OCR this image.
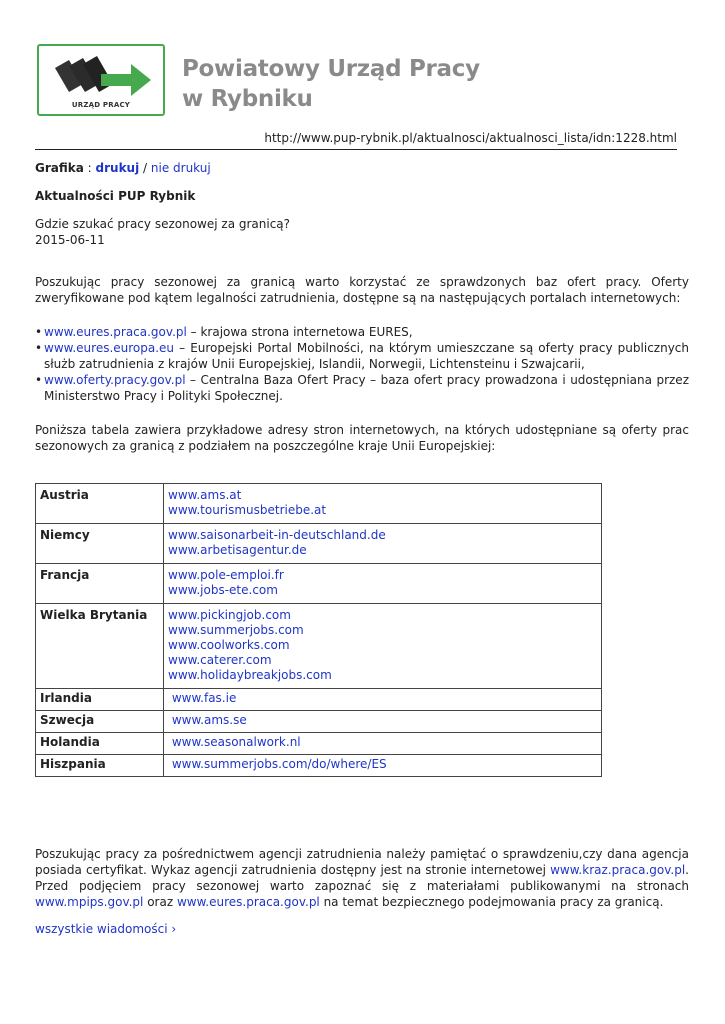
URZĄD PRACY
Powiatowy Urząd Pracy
w Rybniku
http://www.pup-rybnik.pl/aktualnosci/aktualnosci_lista/idn:1228.html
Grafika : drukuj / nie drukuj
Aktualności PUP Rybnik
Gdzie szukać pracy sezonowej za granicą?
2015-06-11

Poszukując pracy sezonowej za granicą warto korzystać ze sprawdzonych baz ofert pracy. Oferty zweryfikowane pod kątem legalności zatrudnienia, dostępne są na następujących portalach internetowych:

• www.eures.praca.gov.pl – krajowa strona internetowa EURES,
• www.eures.europa.eu – Europejski Portal Mobilności, na którym umieszczane są oferty pracy publicznych służb zatrudnienia z krajów Unii Europejskiej, Islandii, Norwegii, Lichtensteinu i Szwajcarii,
• www.oferty.pracy.gov.pl – Centralna Baza Ofert Pracy – baza ofert pracy prowadzona i udostępniana przez Ministerstwo Pracy i Polityki Społecznej.

Poniższa tabela zawiera przykładowe adresy stron internetowych, na których udostępniane są oferty prac sezonowych za granicą z podziałem na poszczególne kraje Unii Europejskiej:

Austria	www.ams.at
www.tourismusbetriebe.at

Niemcy	www.saisonarbeit-in-deutschland.de
www.arbetisagentur.de

Francja	www.pole-emploi.fr
www.jobs-ete.com

Wielka Brytania	www.pickingjob.com
www.summerjobs.com
www.coolworks.com
www.caterer.com
www.holidaybreakjobs.com

Irlandia	www.fas.ie

Szwecja	www.ams.se

Holandia	www.seasonalwork.nl

Hiszpania	www.summerjobs.com/do/where/ES

Poszukując pracy za pośrednictwem agencji zatrudnienia należy pamiętać o sprawdzeniu,czy dana agencja posiada certyfikat. Wykaz agencji zatrudnienia dostępny jest na stronie internetowej www.kraz.praca.gov.pl. Przed podjęciem pracy sezonowej warto zapoznać się z materiałami publikowanymi na stronach www.mpips.gov.pl oraz www.eures.praca.gov.pl na temat bezpiecznego podejmowania pracy za granicą.

wszystkie wiadomości ›
